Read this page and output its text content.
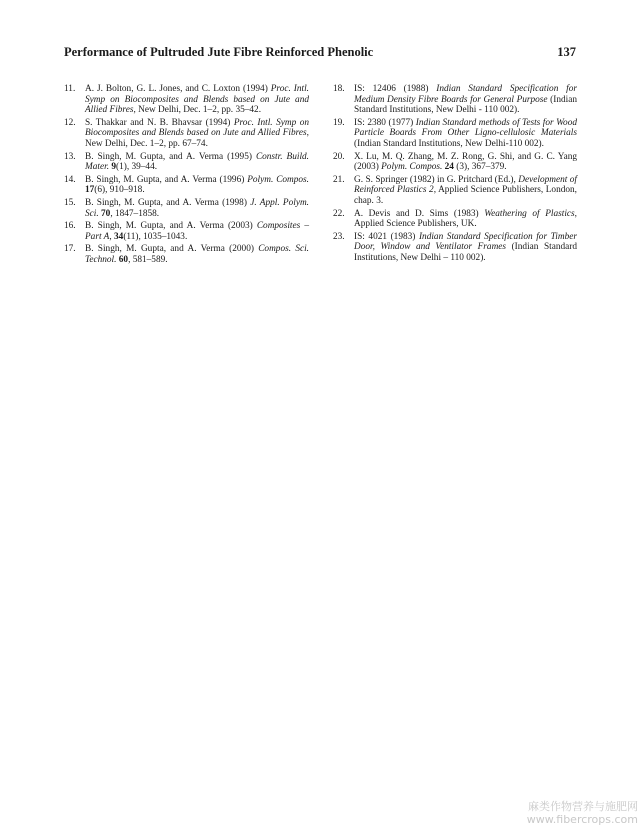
Performance of Pultruded Jute Fibre Reinforced Phenolic	137
11. A. J. Bolton, G. L. Jones, and C. Loxton (1994) Proc. Intl. Symp on Biocomposites and Blends based on Jute and Allied Fibres, New Delhi, Dec. 1–2, pp. 35–42.
12. S. Thakkar and N. B. Bhavsar (1994) Proc. Intl. Symp on Biocomposites and Blends based on Jute and Allied Fibres, New Delhi, Dec. 1–2, pp. 67–74.
13. B. Singh, M. Gupta, and A. Verma (1995) Constr. Build. Mater. 9(1), 39–44.
14. B. Singh, M. Gupta, and A. Verma (1996) Polym. Compos. 17(6), 910–918.
15. B. Singh, M. Gupta, and A. Verma (1998) J. Appl. Polym. Sci. 70, 1847–1858.
16. B. Singh, M. Gupta, and A. Verma (2003) Composites – Part A, 34(11), 1035–1043.
17. B. Singh, M. Gupta, and A. Verma (2000) Compos. Sci. Technol. 60, 581–589.
18. IS: 12406 (1988) Indian Standard Specification for Medium Density Fibre Boards for General Purpose (Indian Standard Institutions, New Delhi - 110 002).
19. IS: 2380 (1977) Indian Standard methods of Tests for Wood Particle Boards From Other Ligno-cellulosic Materials (Indian Standard Institutions, New Delhi-110 002).
20. X. Lu, M. Q. Zhang, M. Z. Rong, G. Shi, and G. C. Yang (2003) Polym. Compos. 24 (3), 367–379.
21. G. S. Springer (1982) in G. Pritchard (Ed.), Development of Reinforced Plastics 2, Applied Science Publishers, London, chap. 3.
22. A. Devis and D. Sims (1983) Weathering of Plastics, Applied Science Publishers, UK.
23. IS: 4021 (1983) Indian Standard Specification for Timber Door, Window and Ventilator Frames (Indian Standard Institutions, New Delhi – 110 002).
麻类作物营养与施肥网
www.fibercrops.com
